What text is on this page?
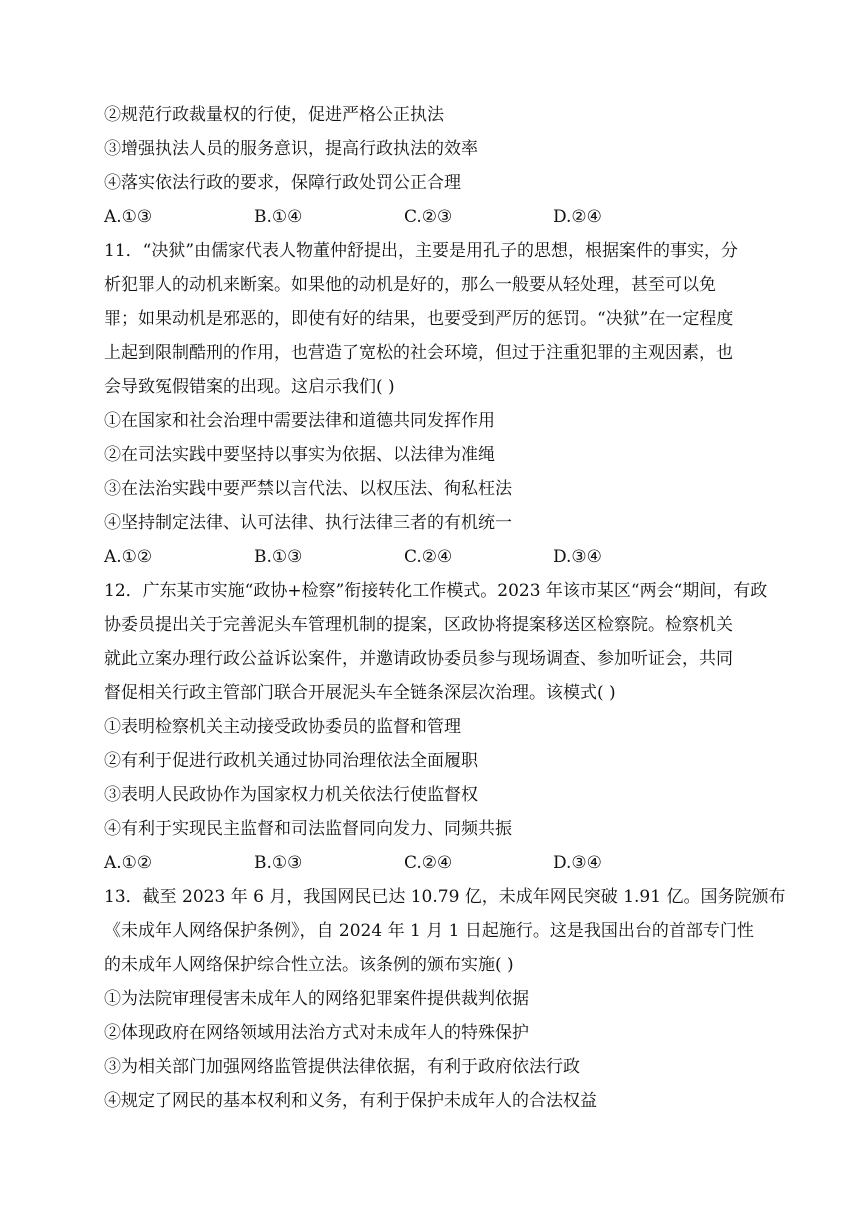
②规范行政裁量权的行使，促进严格公正执法
③增强执法人员的服务意识，提高行政执法的效率
④落实依法行政的要求，保障行政处罚公正合理
A.①③	B.①④	C.②③	D.②④
11．“决狱”由儒家代表人物董仲舒提出，主要是用孔子的思想，根据案件的事实，分
析犯罪人的动机来断案。如果他的动机是好的，那么一般要从轻处理，甚至可以免
罪；如果动机是邪恶的，即使有好的结果，也要受到严厉的惩罚。“决狱”在一定程度
上起到限制酷刑的作用，也营造了宽松的社会环境，但过于注重犯罪的主观因素，也
会导致冤假错案的出现。这启示我们( )
①在国家和社会治理中需要法律和道德共同发挥作用
②在司法实践中要坚持以事实为依据、以法律为准绳
③在法治实践中要严禁以言代法、以权压法、徇私枉法
④坚持制定法律、认可法律、执行法律三者的有机统一
A.①②	B.①③	C.②④	D.③④
12．广东某市实施“政协+检察”衔接转化工作模式。2023 年该市某区“两会“期间，有政
协委员提出关于完善泥头车管理机制的提案，区政协将提案移送区检察院。检察机关
就此立案办理行政公益诉讼案件，并邀请政协委员参与现场调查、参加听证会，共同
督促相关行政主管部门联合开展泥头车全链条深层次治理。该模式( )
①表明检察机关主动接受政协委员的监督和管理
②有利于促进行政机关通过协同治理依法全面履职
③表明人民政协作为国家权力机关依法行使监督权
④有利于实现民主监督和司法监督同向发力、同频共振
A.①②	B.①③	C.②④	D.③④
13．截至 2023 年 6 月，我国网民已达 10.79 亿，未成年网民突破 1.91 亿。国务院颁布
《未成年人网络保护条例》，自 2024 年 1 月 1 日起施行。这是我国出台的首部专门性
的未成年人网络保护综合性立法。该条例的颁布实施( )
①为法院审理侵害未成年人的网络犯罪案件提供裁判依据
②体现政府在网络领域用法治方式对未成年人的特殊保护
③为相关部门加强网络监管提供法律依据，有利于政府依法行政
④规定了网民的基本权利和义务，有利于保护未成年人的合法权益
